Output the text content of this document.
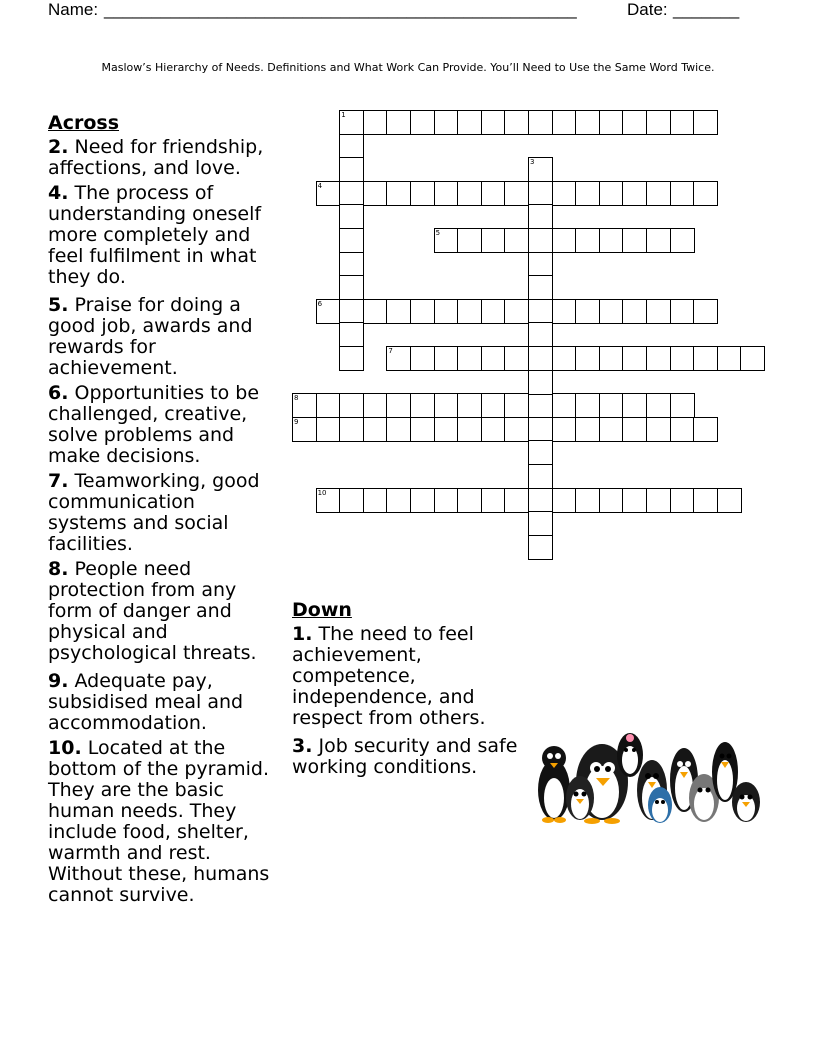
Name: __________________________________________________	Date: _______
Maslow’s Hierarchy of Needs. Definitions and What Work Can Provide. You’ll Need to Use the Same Word Twice.
Across
2. Need for friendship, affections, and love.
4. The process of understanding oneself more completely and feel fulfilment in what they do.
5. Praise for doing a good job, awards and rewards for achievement.
6. Opportunities to be challenged, creative, solve problems and make decisions.
7. Teamworking, good communication systems and social facilities.
8. People need protection from any form of danger and physical and psychological threats.
9. Adequate pay, subsidised meal and accommodation.
10. Located at the bottom of the pyramid. They are the basic human needs. They include food, shelter, warmth and rest. Without these, humans cannot survive.
Down
1. The need to feel achievement, competence, independence, and respect from others.
3. Job security and safe working conditions.
1
4
5
6
7
8
9
10
3
